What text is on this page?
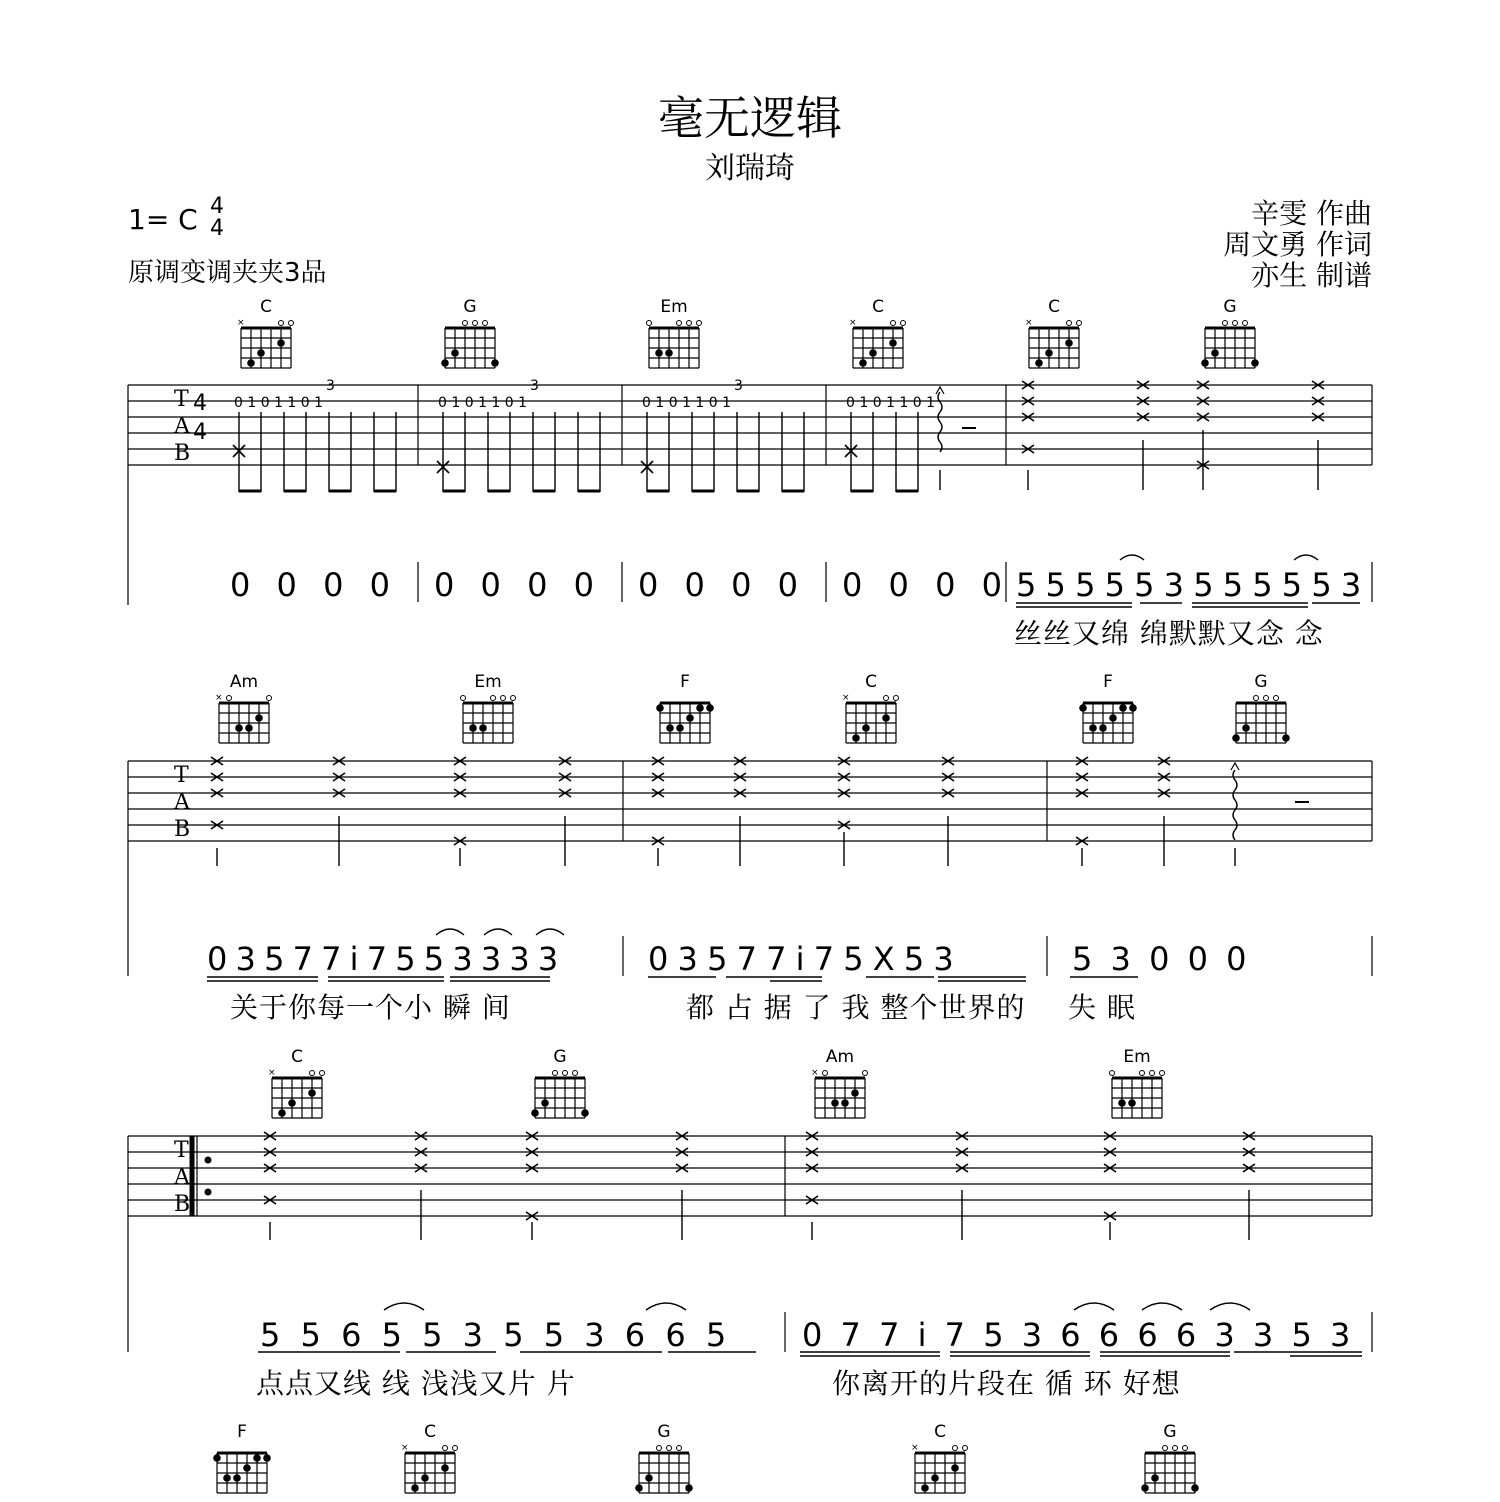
毫无逻辑
刘瑞琦
1= C 4
4
原调变调夹夹3品
辛雯 作曲
周文勇 作词
亦生 制谱
C
×
G	Em	C
×
C
×
G
T
A
B
4
4
0 1 0 1 1 0 1	0 1 0 1 1 0 1	0 1 0 1 1 0 1	0 1 0 1 1 0 1
3	3	3
0 0 0 0 0 0 0 0 0 0 0 0 0 0 0 0 5 5 5 5 5 3 5 5 5 5 5 3
丝丝又绵 绵默默又念 念
Am
×
Em	F	C
×
F	G
T
A
B
0 3 5 7 7 i 7 5 5 3 3 3 3	0 3 5 7 7 i 7 5 X 5 3	5 3 0 0 0
关于你每一个小 瞬 间	都 占 据 了 我 整个世界的 失 眠
C
×
G	Am
×
Em
T
A
B
5 5 6 5 5 3 5 5 3 6 6 5 0 7 7 i 7 5 3 6 6 6 6 3 3 5 3
点点又线 线 浅浅又片 片	你离开的片段在 循 环 好想
F	C
×
G	C
×
G
